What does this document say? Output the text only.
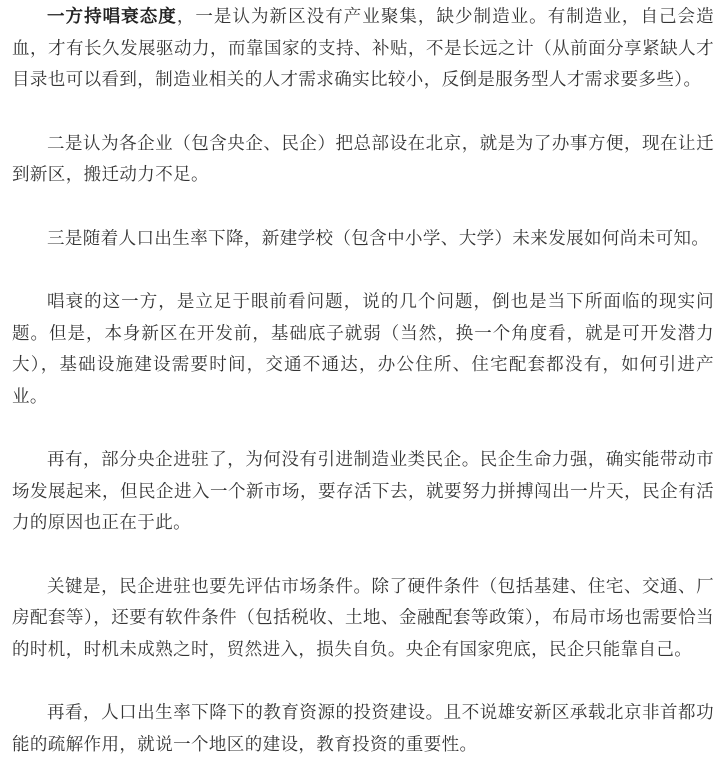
一方持唱衰态度，一是认为新区没有产业聚集，缺少制造业。有制造业，自己会造血，才有长久发展驱动力，而靠国家的支持、补贴，不是长远之计（从前面分享紧缺人才目录也可以看到，制造业相关的人才需求确实比较小，反倒是服务型人才需求要多些）。

二是认为各企业（包含央企、民企）把总部设在北京，就是为了办事方便，现在让迁到新区，搬迁动力不足。

三是随着人口出生率下降，新建学校（包含中小学、大学）未来发展如何尚未可知。

唱衰的这一方，是立足于眼前看问题，说的几个问题，倒也是当下所面临的现实问题。但是，本身新区在开发前，基础底子就弱（当然，换一个角度看，就是可开发潜力大），基础设施建设需要时间，交通不通达，办公住所、住宅配套都没有，如何引进产业。

再有，部分央企进驻了，为何没有引进制造业类民企。民企生命力强，确实能带动市场发展起来，但民企进入一个新市场，要存活下去，就要努力拼搏闯出一片天，民企有活力的原因也正在于此。

关键是，民企进驻也要先评估市场条件。除了硬件条件（包括基建、住宅、交通、厂房配套等），还要有软件条件（包括税收、土地、金融配套等政策），布局市场也需要恰当的时机，时机未成熟之时，贸然进入，损失自负。央企有国家兜底，民企只能靠自己。

再看，人口出生率下降下的教育资源的投资建设。且不说雄安新区承载北京非首都功能的疏解作用，就说一个地区的建设，教育投资的重要性。
